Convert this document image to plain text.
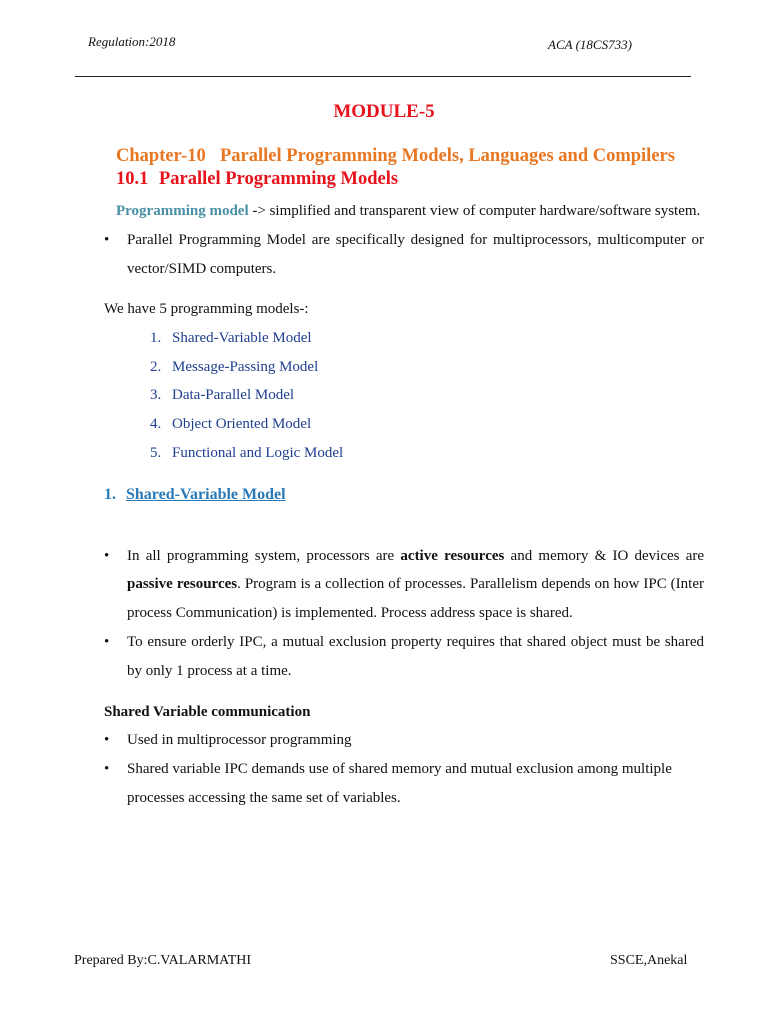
Regulation:2018	ACA (18CS733)
MODULE-5
Chapter-10 Parallel Programming Models, Languages and Compilers
10.1 Parallel Programming Models
Programming model -> simplified and transparent view of computer hardware/software system.
• Parallel Programming Model are specifically designed for multiprocessors, multicomputer or
vector/SIMD computers.
We have 5 programming models-:
1. Shared-Variable Model
2. Message-Passing Model
3. Data-Parallel Model
4. Object Oriented Model
5. Functional and Logic Model
1. Shared-Variable Model
• In all programming system, processors are active resources and memory & IO devices are
passive resources. Program is a collection of processes. Parallelism depends on how IPC (Inter
process Communication) is implemented. Process address space is shared.
• To ensure orderly IPC, a mutual exclusion property requires that shared object must be shared
by only 1 process at a time.
Shared Variable communication
• Used in multiprocessor programming
• Shared variable IPC demands use of shared memory and mutual exclusion among multiple
processes accessing the same set of variables.
Prepared By:C.VALARMATHI	SSCE,Anekal
